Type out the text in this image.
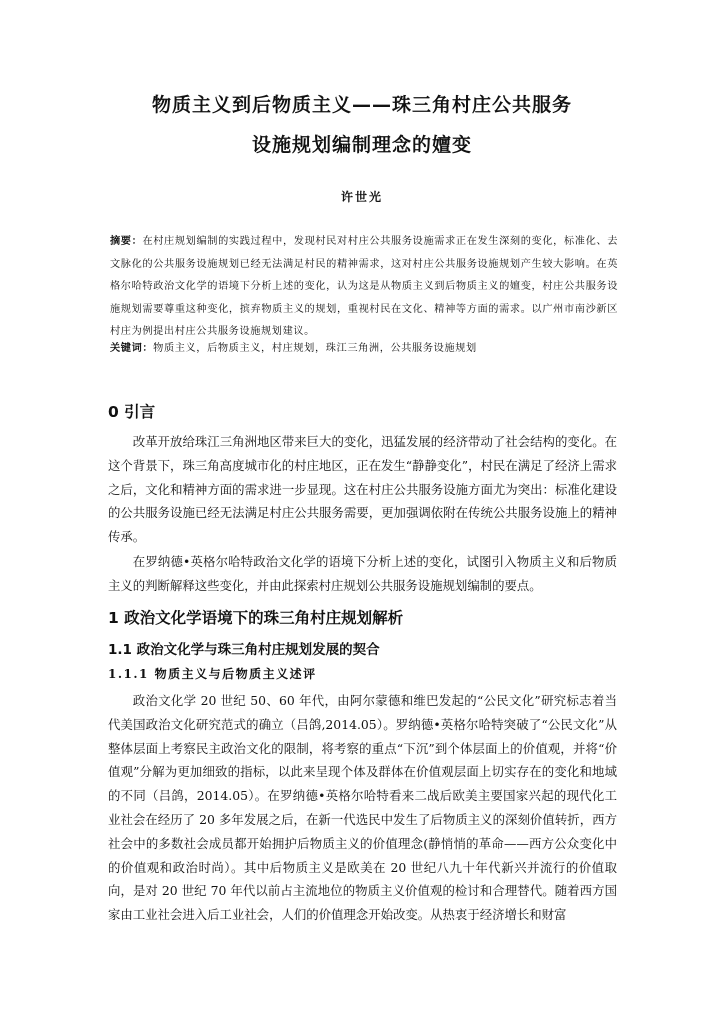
物质主义到后物质主义——珠三角村庄公共服务
设施规划编制理念的嬗变
许世光
摘要：在村庄规划编制的实践过程中，发现村民对村庄公共服务设施需求正在发生深刻的变化，标准化、去文脉化的公共服务设施规划已经无法满足村民的精神需求，这对村庄公共服务设施规划产生较大影响。在英格尔哈特政治文化学的语境下分析上述的变化，认为这是从物质主义到后物质主义的嬗变，村庄公共服务设施规划需要尊重这种变化，摈弃物质主义的规划，重视村民在文化、精神等方面的需求。以广州市南沙新区村庄为例提出村庄公共服务设施规划建议。
关键词：物质主义，后物质主义，村庄规划，珠江三角洲，公共服务设施规划
0 引言

改革开放给珠江三角洲地区带来巨大的变化，迅猛发展的经济带动了社会结构的变化。在这个背景下，珠三角高度城市化的村庄地区，正在发生“静静变化”，村民在满足了经济上需求之后，文化和精神方面的需求进一步显现。这在村庄公共服务设施方面尤为突出：标准化建设的公共服务设施已经无法满足村庄公共服务需要，更加强调依附在传统公共服务设施上的精神传承。

在罗纳德•英格尔哈特政治文化学的语境下分析上述的变化，试图引入物质主义和后物质主义的判断解释这些变化，并由此探索村庄规划公共服务设施规划编制的要点。

1 政治文化学语境下的珠三角村庄规划解析
1.1 政治文化学与珠三角村庄规划发展的契合
1.1.1 物质主义与后物质主义述评

政治文化学 20 世纪 50、60 年代，由阿尔蒙德和维巴发起的“公民文化”研究标志着当代美国政治文化研究范式的确立（吕鸽,2014.05）。罗纳德•英格尔哈特突破了“公民文化”从整体层面上考察民主政治文化的限制，将考察的重点“下沉”到个体层面上的价值观，并将“价值观”分解为更加细致的指标，以此来呈现个体及群体在价值观层面上切实存在的变化和地域的不同（吕鸽，2014.05）。在罗纳德•英格尔哈特看来二战后欧美主要国家兴起的现代化工业社会在经历了 20 多年发展之后，在新一代选民中发生了后物质主义的深刻价值转折，西方社会中的多数社会成员都开始拥护后物质主义的价值理念(静悄悄的革命——西方公众变化中的价值观和政治时尚）。其中后物质主义是欧美在 20 世纪八九十年代新兴并流行的价值取向，是对 20 世纪 70 年代以前占主流地位的物质主义价值观的检讨和合理替代。随着西方国家由工业社会进入后工业社会，人们的价值理念开始改变。从热衷于经济增长和财富
